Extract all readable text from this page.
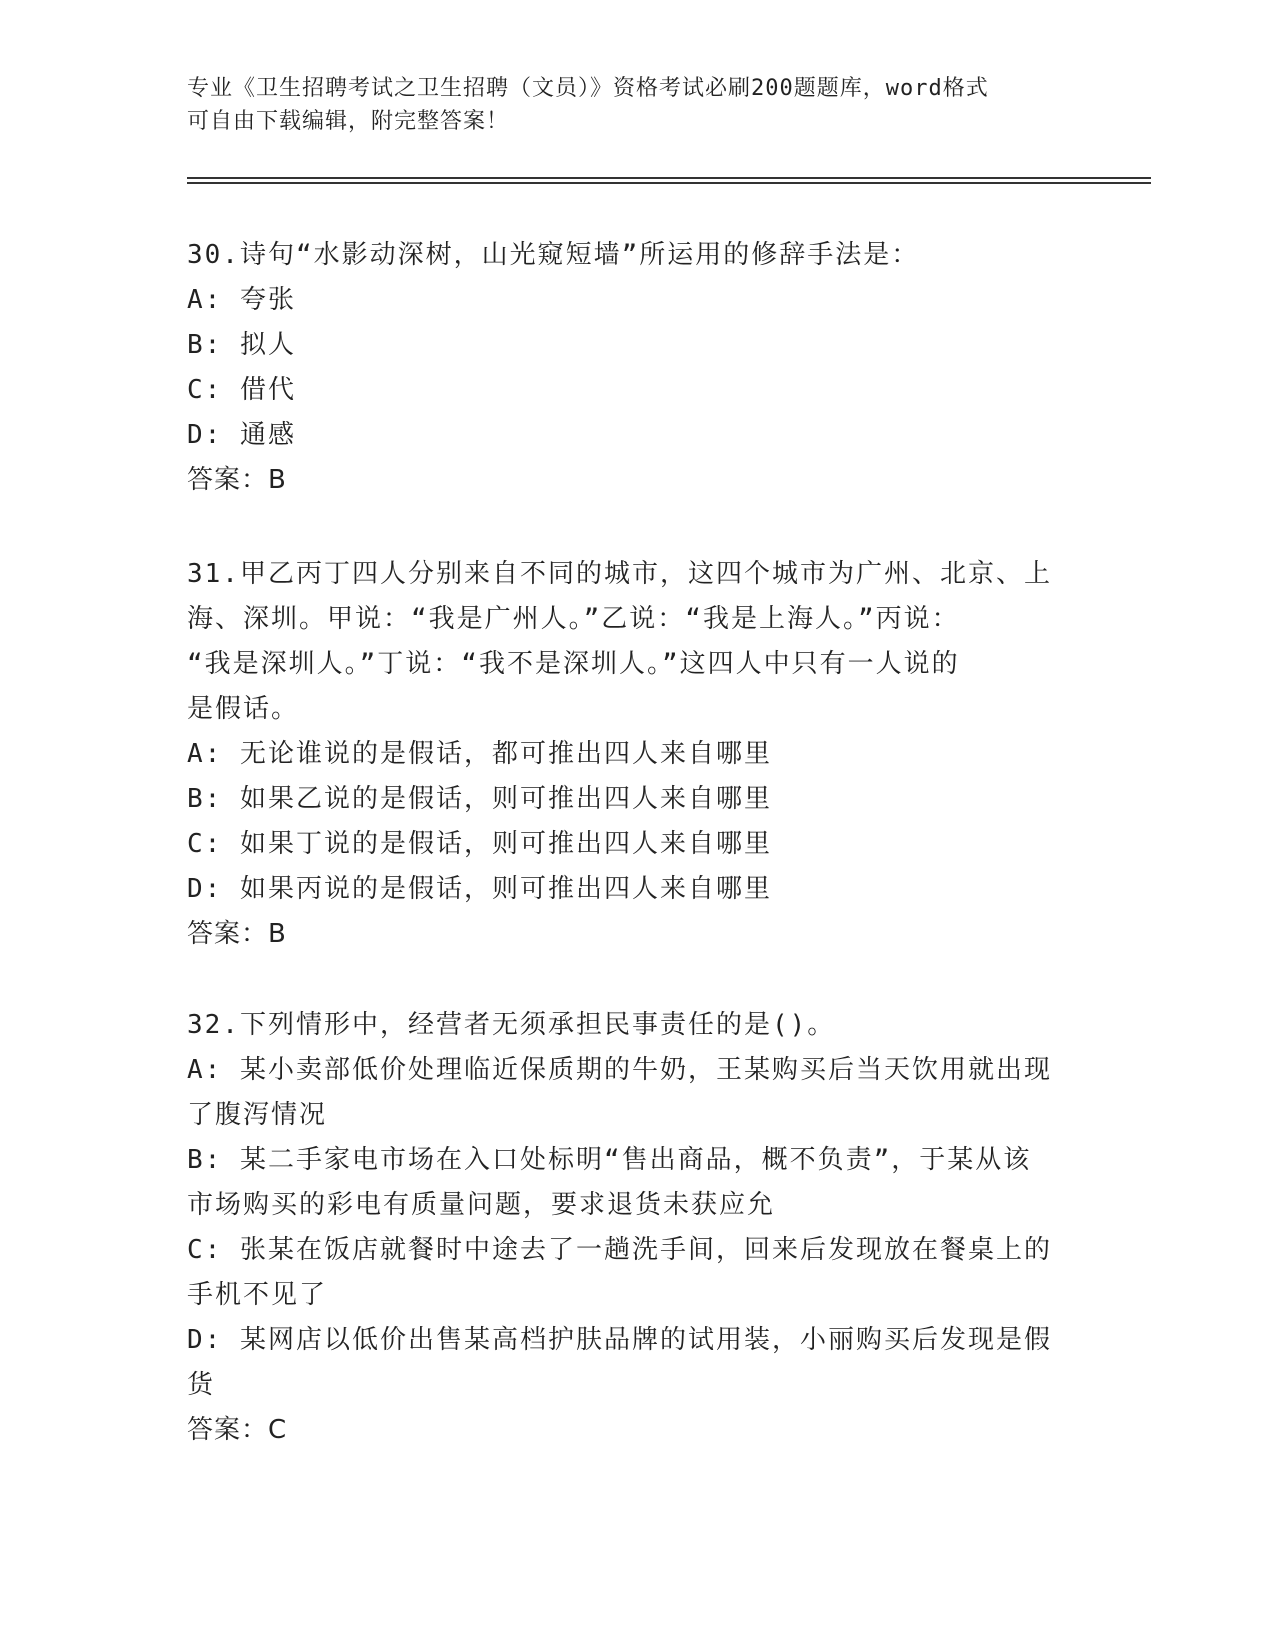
专业《卫生招聘考试之卫生招聘（文员）》资格考试必刷200题题库，word格式

可自由下载编辑，附完整答案！

30.诗句“水影动深树，山光窥短墙”所运用的修辞手法是：

A: 夸张

B: 拟人

C: 借代

D: 通感

答案：B

31.甲乙丙丁四人分别来自不同的城市，这四个城市为广州、北京、上

海、深圳。甲说：“我是广州人。”乙说：“我是上海人。”丙说：

“我是深圳人。”丁说：“我不是深圳人。”这四人中只有一人说的

是假话。

A: 无论谁说的是假话，都可推出四人来自哪里

B: 如果乙说的是假话，则可推出四人来自哪里

C: 如果丁说的是假话，则可推出四人来自哪里

D: 如果丙说的是假话，则可推出四人来自哪里

答案：B

32.下列情形中，经营者无须承担民事责任的是()。

A: 某小卖部低价处理临近保质期的牛奶，王某购买后当天饮用就出现

了腹泻情况

B: 某二手家电市场在入口处标明“售出商品，概不负责”，于某从该

市场购买的彩电有质量问题，要求退货未获应允

C: 张某在饭店就餐时中途去了一趟洗手间，回来后发现放在餐桌上的

手机不见了

D: 某网店以低价出售某高档护肤品牌的试用装，小丽购买后发现是假

货

答案：C
